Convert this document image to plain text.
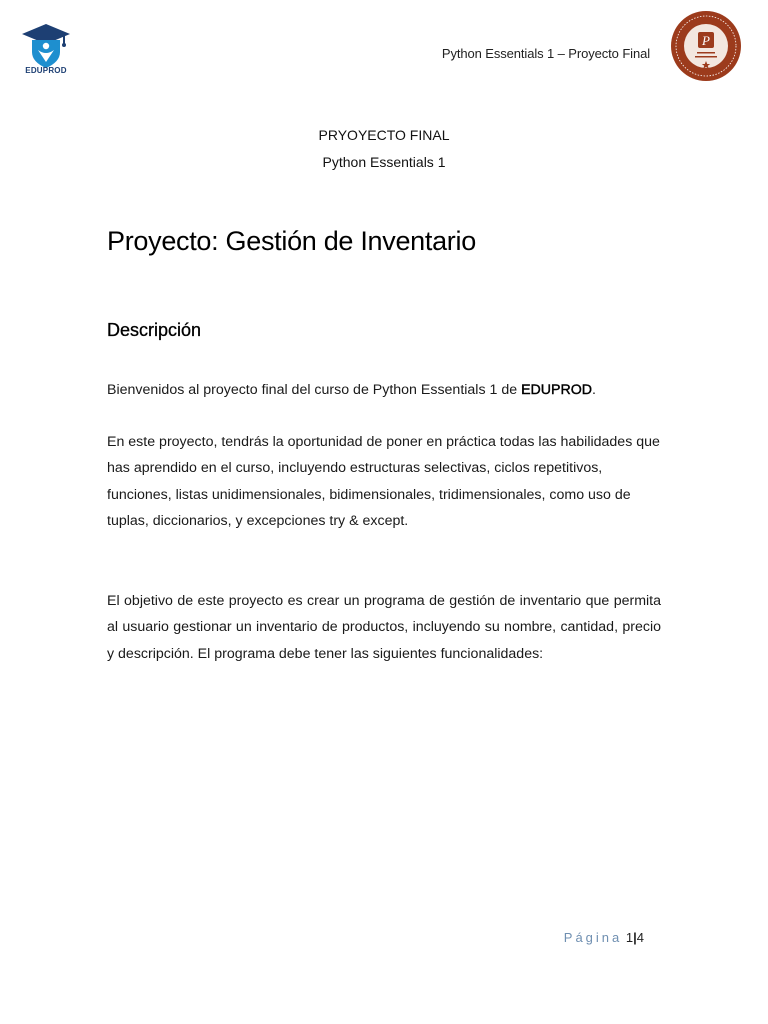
EDUPROD
Python Essentials 1 – Proyecto Final
P
PRYOYECTO FINAL
Python Essentials 1
Proyecto: Gestión de Inventario
Descripción

Bienvenidos al proyecto final del curso de Python Essentials 1 de EDUPROD.

En este proyecto, tendrás la oportunidad de poner en práctica todas las habilidades que has aprendido en el curso, incluyendo estructuras selectivas, ciclos repetitivos, funciones, listas unidimensionales, bidimensionales, tridimensionales, como uso de tuplas, diccionarios, y excepciones try & except.

El objetivo de este proyecto es crear un programa de gestión de inventario que permita al usuario gestionar un inventario de productos, incluyendo su nombre, cantidad, precio y descripción. El programa debe tener las siguientes funcionalidades:

Página 1|4
